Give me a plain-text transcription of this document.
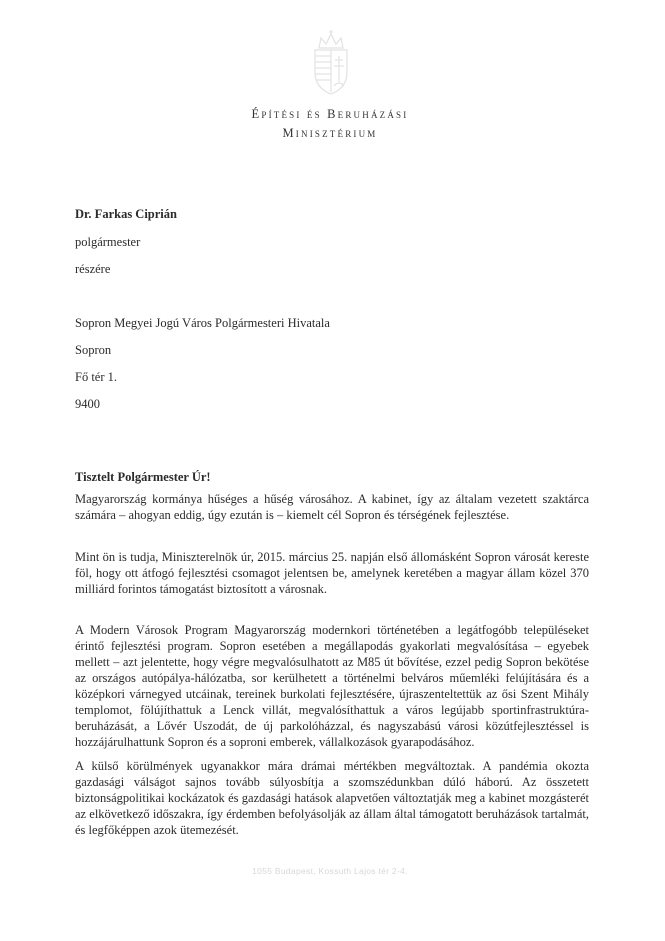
Építési és Beruházási
Minisztérium
Dr. Farkas Ciprián
polgármester
részére
Sopron Megyei Jogú Város Polgármesteri Hivatala
Sopron
Fő tér 1.
9400
Tisztelt Polgármester Úr!
Magyarország kormánya hűséges a hűség városához. A kabinet, így az általam vezetett szaktárca számára – ahogyan eddig, úgy ezután is – kiemelt cél Sopron és térségének fejlesztése.
Mint ön is tudja, Miniszterelnök úr, 2015. március 25. napján első állomásként Sopron városát kereste föl, hogy ott átfogó fejlesztési csomagot jelentsen be, amelynek keretében a magyar állam közel 370 milliárd forintos támogatást biztosított a városnak.
A Modern Városok Program Magyarország modernkori történetében a legátfogóbb településeket érintő fejlesztési program. Sopron esetében a megállapodás gyakorlati megvalósítása – egyebek mellett – azt jelentette, hogy végre megvalósulhatott az M85 út bővítése, ezzel pedig Sopron bekötése az országos autópálya-hálózatba, sor kerülhetett a történelmi belváros műemléki felújítására és a középkori várnegyed utcáinak, tereinek burkolati fejlesztésére, újraszenteltettük az ősi Szent Mihály templomot, fölújíthattuk a Lenck villát, megvalósíthattuk a város legújabb sportinfrastruktúra-beruházását, a Lővér Uszodát, de új parkolóházzal, és nagyszabású városi közútfejlesztéssel is hozzájárulhattunk Sopron és a soproni emberek, vállalkozások gyarapodásához.
A külső körülmények ugyanakkor mára drámai mértékben megváltoztak. A pandémia okozta gazdasági válságot sajnos tovább súlyosbítja a szomszédunkban dúló háború. Az összetett biztonságpolitikai kockázatok és gazdasági hatások alapvetően változtatják meg a kabinet mozgásterét az elkövetkező időszakra, így érdemben befolyásolják az állam által támogatott beruházások tartalmát, és legfőképpen azok ütemezését.
1055 Budapest, Kossuth Lajos tér 2-4.
